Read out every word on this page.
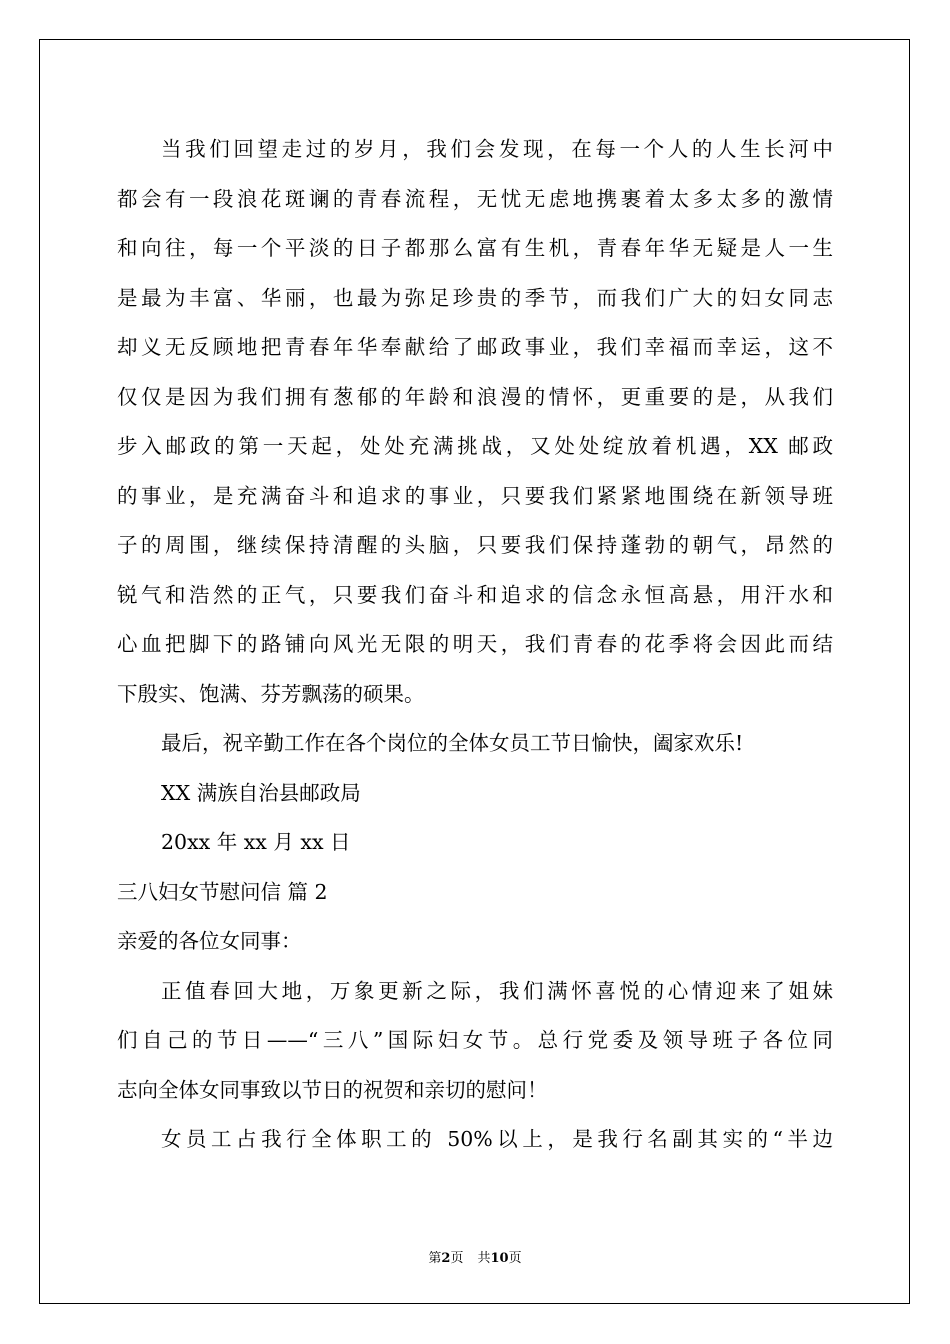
当我们回望走过的岁月，我们会发现，在每一个人的人生长河中
都会有一段浪花斑谰的青春流程，无忧无虑地携裹着太多太多的激情
和向往，每一个平淡的日子都那么富有生机，青春年华无疑是人一生
是最为丰富、华丽，也最为弥足珍贵的季节，而我们广大的妇女同志
却义无反顾地把青春年华奉献给了邮政事业，我们幸福而幸运，这不
仅仅是因为我们拥有葱郁的年龄和浪漫的情怀，更重要的是，从我们
步入邮政的第一天起，处处充满挑战，又处处绽放着机遇，XX 邮政
的事业，是充满奋斗和追求的事业，只要我们紧紧地围绕在新领导班
子的周围，继续保持清醒的头脑，只要我们保持蓬勃的朝气，昂然的
锐气和浩然的正气，只要我们奋斗和追求的信念永恒高悬，用汗水和
心血把脚下的路铺向风光无限的明天，我们青春的花季将会因此而结
下殷实、饱满、芬芳飘荡的硕果。
最后，祝辛勤工作在各个岗位的全体女员工节日愉快，阖家欢乐!
XX 满族自治县邮政局
20xx 年 xx 月 xx 日
三八妇女节慰问信 篇 2
亲爱的各位女同事：
正值春回大地，万象更新之际，我们满怀喜悦的心情迎来了姐妹
们自己的节日——“三八”国际妇女节。总行党委及领导班子各位同
志向全体女同事致以节日的祝贺和亲切的慰问！
女员工占我行全体职工的 50%以上，是我行名副其实的“半边
第2页 共10页
